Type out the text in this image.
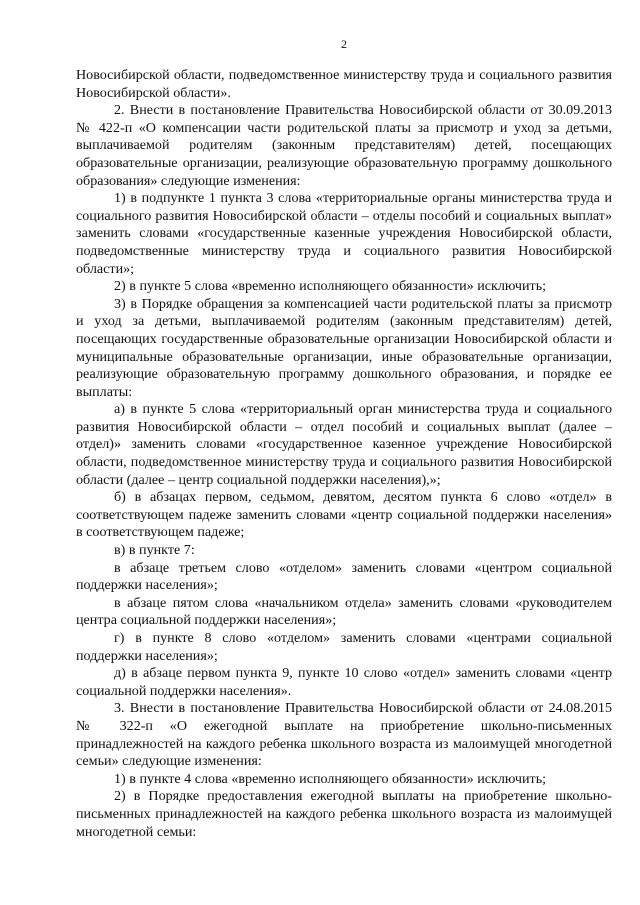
2

Новосибирской области, подведомственное министерству труда и социального развития Новосибирской области».

2. Внести в постановление Правительства Новосибирской области от 30.09.2013 № 422-п «О компенсации части родительской платы за присмотр и уход за детьми, выплачиваемой родителям (законным представителям) детей, посещающих образовательные организации, реализующие образовательную программу дошкольного образования» следующие изменения:

1) в подпункте 1 пункта 3 слова «территориальные органы министерства труда и социального развития Новосибирской области – отделы пособий и социальных выплат» заменить словами «государственные казенные учреждения Новосибирской области, подведомственные министерству труда и социального развития Новосибирской области»;

2) в пункте 5 слова «временно исполняющего обязанности» исключить;

3) в Порядке обращения за компенсацией части родительской платы за присмотр и уход за детьми, выплачиваемой родителям (законным представителям) детей, посещающих государственные образовательные организации Новосибирской области и муниципальные образовательные организации, иные образовательные организации, реализующие образовательную программу дошкольного образования, и порядке ее выплаты:

а) в пункте 5 слова «территориальный орган министерства труда и социального развития Новосибирской области – отдел пособий и социальных выплат (далее – отдел)» заменить словами «государственное казенное учреждение Новосибирской области, подведомственное министерству труда и социального развития Новосибирской области (далее – центр социальной поддержки населения),»;

б) в абзацах первом, седьмом, девятом, десятом пункта 6 слово «отдел» в соответствующем падеже заменить словами «центр социальной поддержки населения» в соответствующем падеже;

в) в пункте 7:

в абзаце третьем слово «отделом» заменить словами «центром социальной поддержки населения»;

в абзаце пятом слова «начальником отдела» заменить словами «руководителем центра социальной поддержки населения»;

г) в пункте 8 слово «отделом» заменить словами «центрами социальной поддержки населения»;

д) в абзаце первом пункта 9, пункте 10 слово «отдел» заменить словами «центр социальной поддержки населения».

3. Внести в постановление Правительства Новосибирской области от 24.08.2015 № 322-п «О ежегодной выплате на приобретение школьно-письменных принадлежностей на каждого ребенка школьного возраста из малоимущей многодетной семьи» следующие изменения:

1) в пункте 4 слова «временно исполняющего обязанности» исключить;

2) в Порядке предоставления ежегодной выплаты на приобретение школьно-письменных принадлежностей на каждого ребенка школьного возраста из малоимущей многодетной семьи:
